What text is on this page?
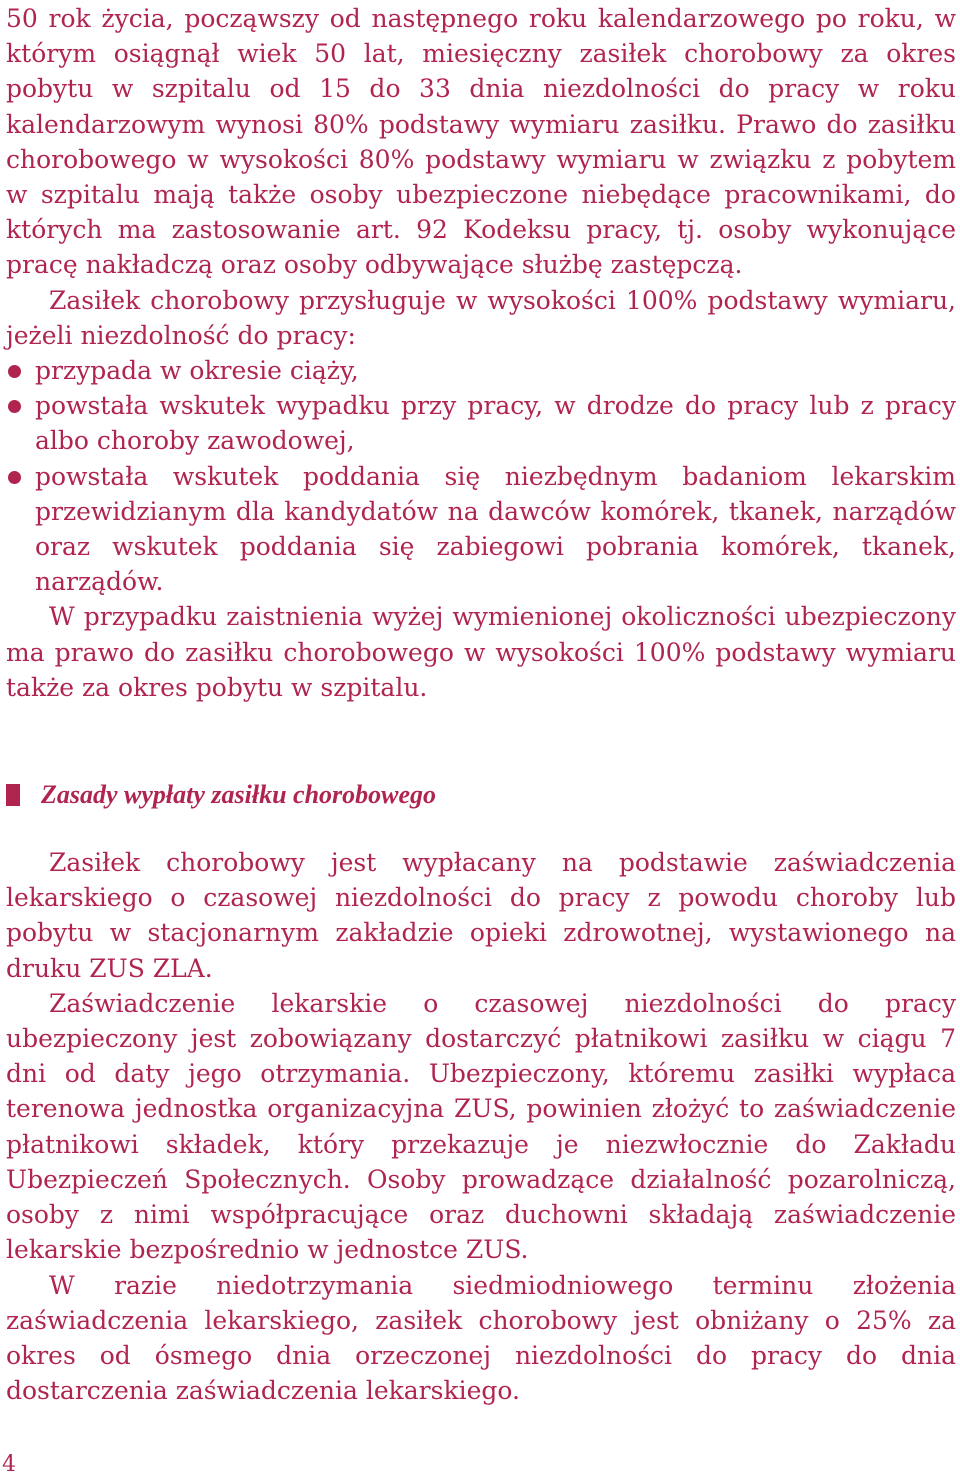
50 rok życia, począwszy od następnego roku kalendarzowego po roku, w którym osiągnął wiek 50 lat, miesięczny zasiłek chorobowy za okres pobytu w szpitalu od 15 do 33 dnia niezdolności do pracy w roku kalendarzowym wynosi 80% podstawy wymiaru zasiłku. Prawo do zasiłku chorobowego w wysokości 80% podstawy wymiaru w związku z pobytem w szpitalu mają także osoby ubezpieczone niebędące pracownikami, do których ma zastosowanie art. 92 Kodeksu pracy, tj. osoby wykonujące pracę nakładczą oraz osoby odbywające służbę zastępczą.

Zasiłek chorobowy przysługuje w wysokości 100% podstawy wymiaru, jeżeli niezdolność do pracy:

przypada w okresie ciąży,
powstała wskutek wypadku przy pracy, w drodze do pracy lub z pracy albo choroby zawodowej,
powstała wskutek poddania się niezbędnym badaniom lekarskim przewidzianym dla kandydatów na dawców komórek, tkanek, narządów oraz wskutek poddania się zabiegowi pobrania komórek, tkanek, narządów.

W przypadku zaistnienia wyżej wymienionej okoliczności ubezpieczony ma prawo do zasiłku chorobowego w wysokości 100% podstawy wymiaru także za okres pobytu w szpitalu.

Zasady wypłaty zasiłku chorobowego

Zasiłek chorobowy jest wypłacany na podstawie zaświadczenia lekarskiego o czasowej niezdolności do pracy z powodu choroby lub pobytu w stacjonarnym zakładzie opieki zdrowotnej, wystawionego na druku ZUS ZLA.

Zaświadczenie lekarskie o czasowej niezdolności do pracy ubezpieczony jest zobowiązany dostarczyć płatnikowi zasiłku w ciągu 7 dni od daty jego otrzymania. Ubezpieczony, któremu zasiłki wypłaca terenowa jednostka organizacyjna ZUS, powinien złożyć to zaświadczenie płatnikowi składek, który przekazuje je niezwłocznie do Zakładu Ubezpieczeń Społecznych. Osoby prowadzące działalność pozarolniczą, osoby z nimi współpracujące oraz duchowni składają zaświadczenie lekarskie bezpośrednio w jednostce ZUS.

W razie niedotrzymania siedmiodniowego terminu złożenia zaświadczenia lekarskiego, zasiłek chorobowy jest obniżany o 25% za okres od ósmego dnia orzeczonej niezdolności do pracy do dnia dostarczenia zaświadczenia lekarskiego.

4
